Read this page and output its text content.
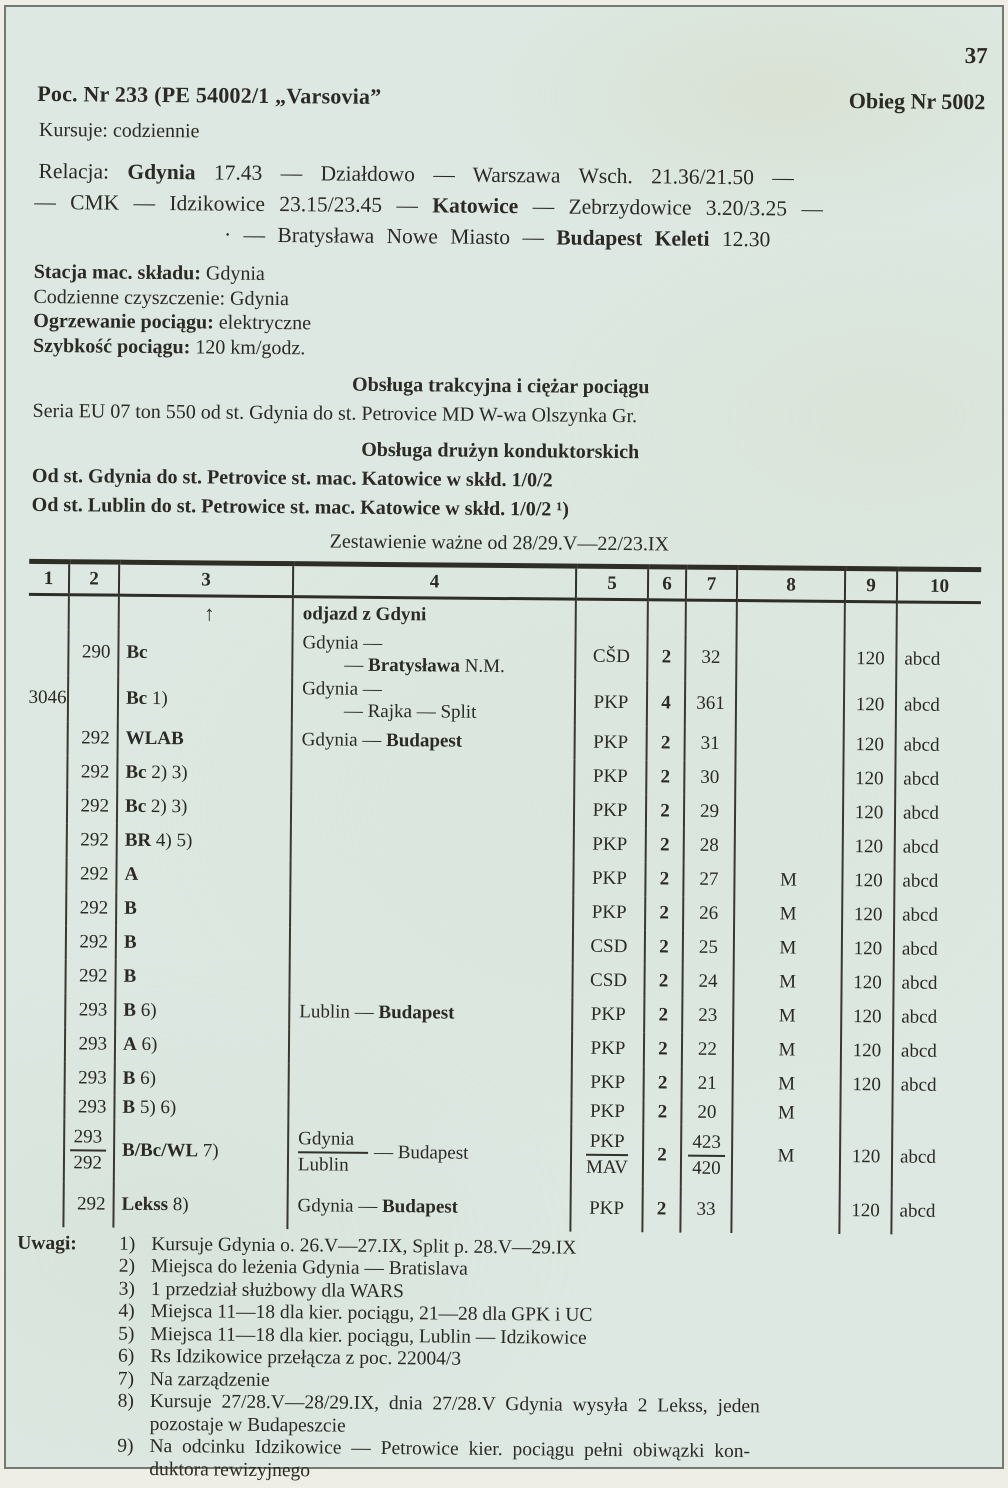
37
Poc. Nr 233 (PE 54002/1 „Varsovia”	Obieg Nr 5002
Kursuje: codziennie
Relacja: Gdynia 17.43 — Działdowo — Warszawa Wsch. 21.36/21.50 —
— CMK — Idzikowice 23.15/23.45 — Katowice — Zebrzydowice 3.20/3.25 —
· — Bratysława Nowe Miasto — Budapest Keleti 12.30
Stacja mac. składu: Gdynia
Codzienne czyszczenie: Gdynia
Ogrzewanie pociągu: elektryczne
Szybkość pociągu: 120 km/godz.
Obsługa trakcyjna i ciężar pociągu
Seria EU 07 ton 550 od st. Gdynia do st. Petrovice MD W-wa Olszynka Gr.
Obsługa drużyn konduktorskich
Od st. Gdynia do st. Petrovice st. mac. Katowice w skłd. 1/0/2
Od st. Lublin do st. Petrowice st. mac. Katowice w skłd. 1/0/2 ¹)
Zestawienie ważne od 28/29.V—22/23.IX
1	2	3	4	5	6	7	8	9	10

		↑	odjazd z Gdyni						
	290	Bc	Gdynia —
— Bratysława N.M.	CŠD	2	32		120	abcd
3046		Bc 1)	Gdynia —
— Rajka — Split	PKP	4	361		120	abcd
	292	WLAB	Gdynia — Budapest	PKP	2	31		120	abcd
	292	Bc 2) 3)		PKP	2	30		120	abcd
	292	Bc 2) 3)		PKP	2	29		120	abcd
	292	BR 4) 5)		PKP	2	28		120	abcd
	292	A		PKP	2	27	M	120	abcd
	292	B		PKP	2	26	M	120	abcd
	292	B		CSD	2	25	M	120	abcd
	292	B		CSD	2	24	M	120	abcd
	293	B 6)	Lublin — Budapest	PKP	2	23	M	120	abcd
	293	A 6)		PKP	2	22	M	120	abcd
	293	B 6)		PKP	2	21	M	120	abcd
	293	B 5) 6)		PKP	2	20	M		

	$\frac{293}{292}$	B/Bc/WL 7)	$\frac{\text{Gdynia}}{\text{Lublin}}$ — Budapest	$\frac{\text{PKP}}{\text{MAV}}$	2	$\frac{423}{420}$	M	120	abcd
	292	Lekss 8)	Gdynia — Budapest	PKP	2	33		120	abcd
Uwagi:	1) Kursuje Gdynia o. 26.V—27.IX, Split p. 28.V—29.IX
2) Miejsca do leżenia Gdynia — Bratislava
3) 1 przedział służbowy dla WARS
4) Miejsca 11—18 dla kier. pociągu, 21—28 dla GPK i UC
5) Miejsca 11—18 dla kier. pociągu, Lublin — Idzikowice
6) Rs Idzikowice przełącza z poc. 22004/3
7) Na zarządzenie
8) Kursuje 27/28.V—28/29.IX, dnia 27/28.V Gdynia wysyła 2 Lekss, jeden
pozostaje w Budapeszcie
9) Na odcinku Idzikowice — Petrowice kier. pociągu pełni obiwązki kon-
duktora rewizyjnego
